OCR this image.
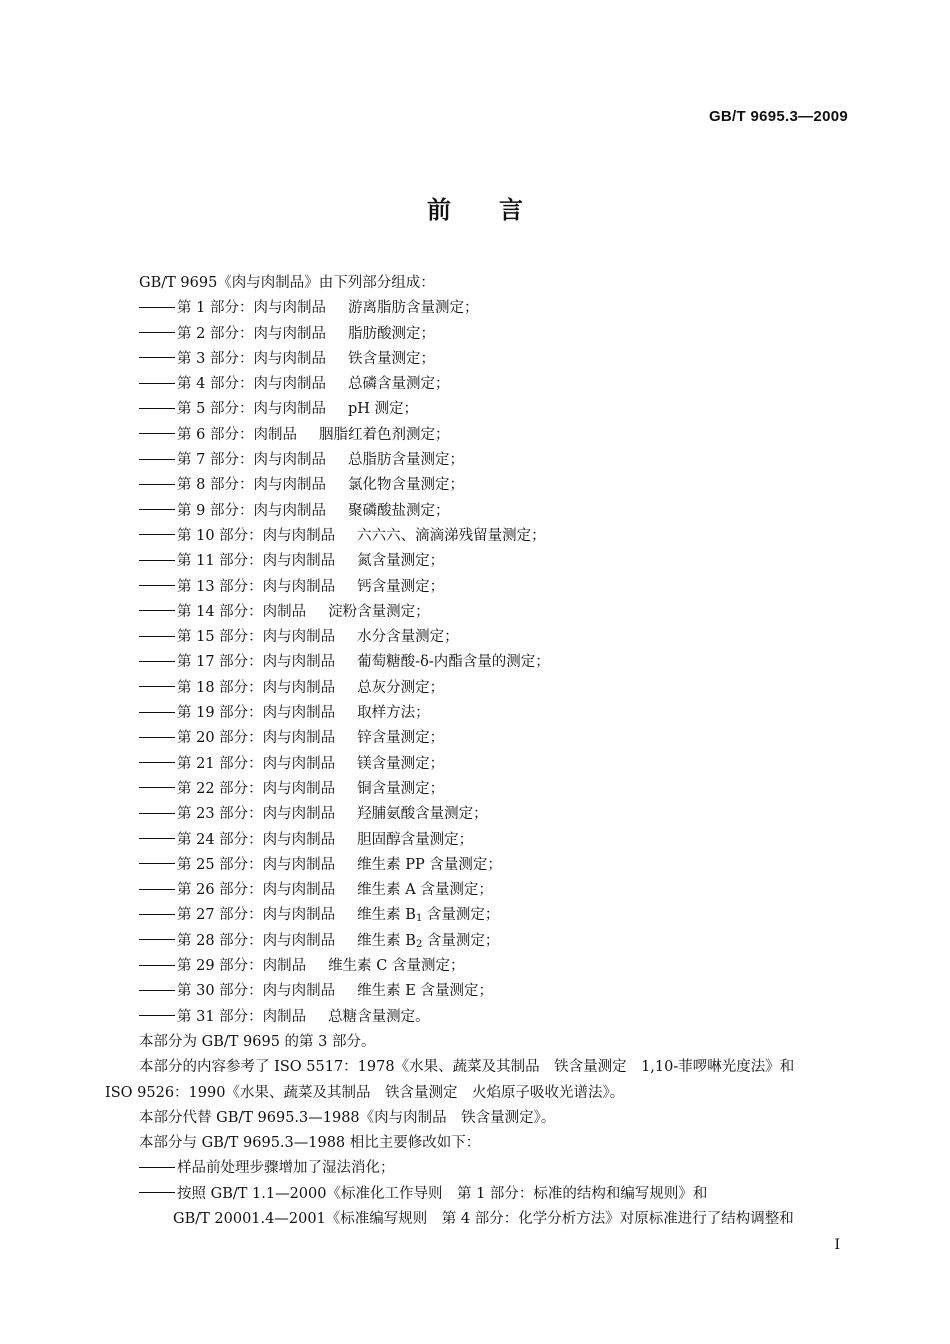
GB/T 9695.3—2009
前言
GB/T 9695《肉与肉制品》由下列部分组成：
第 1 部分：肉与肉制品 游离脂肪含量测定；
第 2 部分：肉与肉制品 脂肪酸测定；
第 3 部分：肉与肉制品 铁含量测定；
第 4 部分：肉与肉制品 总磷含量测定；
第 5 部分：肉与肉制品 pH 测定；
第 6 部分：肉制品 胭脂红着色剂测定；
第 7 部分：肉与肉制品 总脂肪含量测定；
第 8 部分：肉与肉制品 氯化物含量测定；
第 9 部分：肉与肉制品 聚磷酸盐测定；
第 10 部分：肉与肉制品 六六六、滴滴涕残留量测定；
第 11 部分：肉与肉制品 氮含量测定；
第 13 部分：肉与肉制品 钙含量测定；
第 14 部分：肉制品 淀粉含量测定；
第 15 部分：肉与肉制品 水分含量测定；
第 17 部分：肉与肉制品 葡萄糖酸-δ-内酯含量的测定；
第 18 部分：肉与肉制品 总灰分测定；
第 19 部分：肉与肉制品 取样方法；
第 20 部分：肉与肉制品 锌含量测定；
第 21 部分：肉与肉制品 镁含量测定；
第 22 部分：肉与肉制品 铜含量测定；
第 23 部分：肉与肉制品 羟脯氨酸含量测定；
第 24 部分：肉与肉制品 胆固醇含量测定；
第 25 部分：肉与肉制品 维生素 PP 含量测定；
第 26 部分：肉与肉制品 维生素 A 含量测定；
第 27 部分：肉与肉制品 维生素 $B_1$ 含量测定；
第 28 部分：肉与肉制品 维生素 $B_2$ 含量测定；
第 29 部分：肉制品 维生素 C 含量测定；
第 30 部分：肉与肉制品 维生素 E 含量测定；
第 31 部分：肉制品 总糖含量测定。
本部分为 GB/T 9695 的第 3 部分。
本部分的内容参考了 ISO 5517：1978《水果、蔬菜及其制品　铁含量测定　1,10-菲啰啉光度法》和
ISO 9526：1990《水果、蔬菜及其制品　铁含量测定　火焰原子吸收光谱法》。
本部分代替 GB/T 9695.3—1988《肉与肉制品　铁含量测定》。
本部分与 GB/T 9695.3—1988 相比主要修改如下：
样品前处理步骤增加了湿法消化；
按照 GB/T 1.1—2000《标准化工作导则　第 1 部分：标准的结构和编写规则》和
GB/T 20001.4—2001《标准编写规则　第 4 部分：化学分析方法》对原标准进行了结构调整和
I
